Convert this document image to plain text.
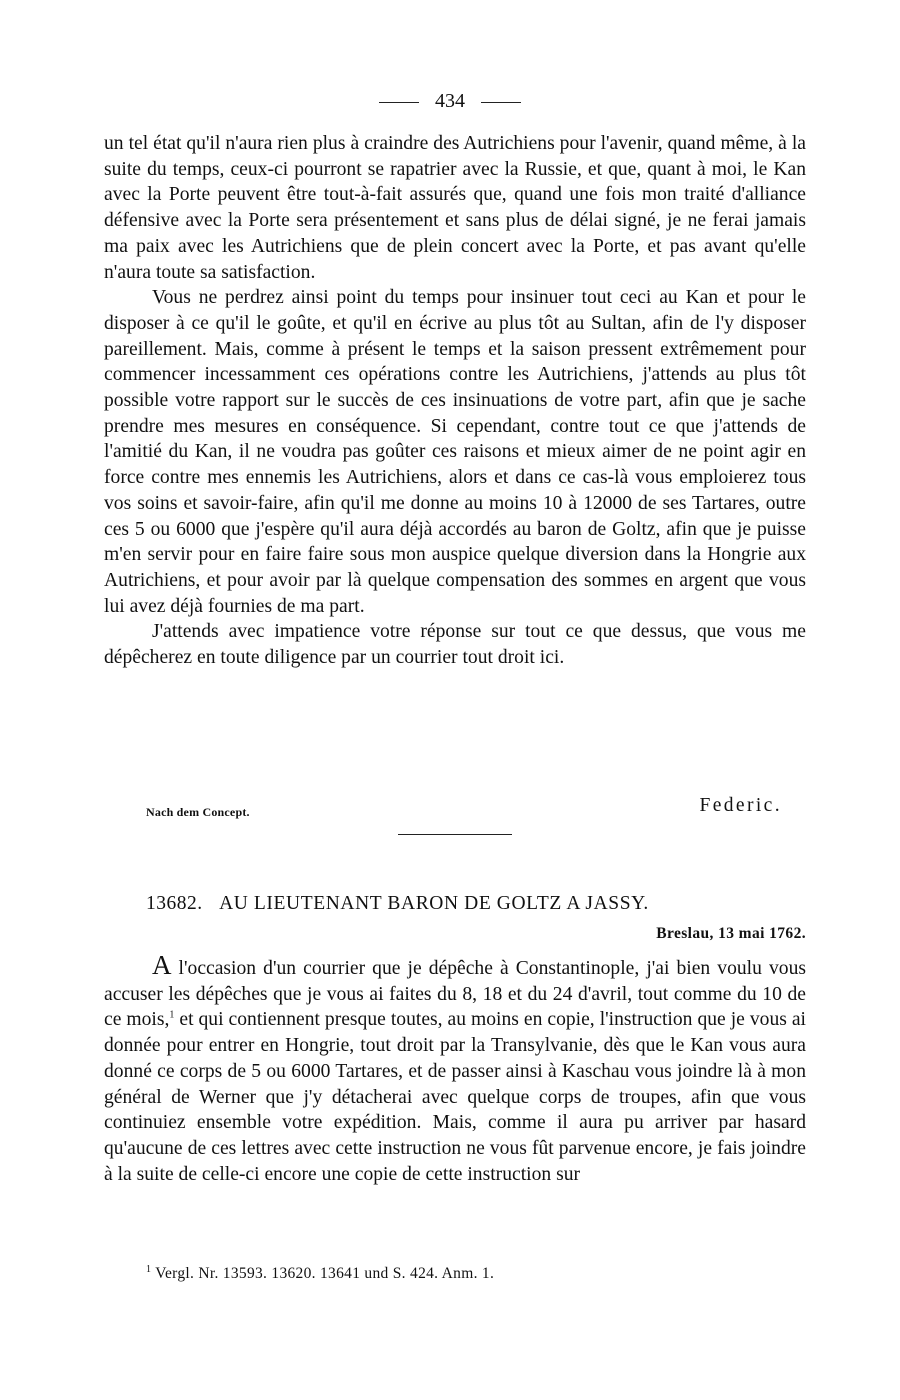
434

un tel état qu'il n'aura rien plus à craindre des Autrichiens pour l'avenir, quand même, à la suite du temps, ceux-ci pourront se rapatrier avec la Russie, et que, quant à moi, le Kan avec la Porte peuvent être tout-à-fait assurés que, quand une fois mon traité d'alliance défensive avec la Porte sera présentement et sans plus de délai signé, je ne ferai jamais ma paix avec les Autrichiens que de plein concert avec la Porte, et pas avant qu'elle n'aura toute sa satisfaction.

Vous ne perdrez ainsi point du temps pour insinuer tout ceci au Kan et pour le disposer à ce qu'il le goûte, et qu'il en écrive au plus tôt au Sultan, afin de l'y disposer pareillement. Mais, comme à présent le temps et la saison pressent extrêmement pour commencer incessamment ces opérations contre les Autrichiens, j'attends au plus tôt possible votre rapport sur le succès de ces insinuations de votre part, afin que je sache prendre mes mesures en conséquence. Si cependant, contre tout ce que j'attends de l'amitié du Kan, il ne voudra pas goûter ces raisons et mieux aimer de ne point agir en force contre mes ennemis les Autrichiens, alors et dans ce cas-là vous emploierez tous vos soins et savoir-faire, afin qu'il me donne au moins 10 à 12000 de ses Tartares, outre ces 5 ou 6000 que j'espère qu'il aura déjà accordés au baron de Goltz, afin que je puisse m'en servir pour en faire faire sous mon auspice quelque diversion dans la Hongrie aux Autrichiens, et pour avoir par là quelque compensation des sommes en argent que vous lui avez déjà fournies de ma part.

J'attends avec impatience votre réponse sur tout ce que dessus, que vous me dépêcherez en toute diligence par un courrier tout droit ici.

Nach dem Concept.	Federic.
13682. AU LIEUTENANT BARON DE GOLTZ A JASSY.
Breslau, 13 mai 1762.

A l'occasion d'un courrier que je dépêche à Constantinople, j'ai bien voulu vous accuser les dépêches que je vous ai faites du 8, 18 et du 24 d'avril, tout comme du 10 de ce mois,$^1$ et qui contiennent presque toutes, au moins en copie, l'instruction que je vous ai donnée pour entrer en Hongrie, tout droit par la Transylvanie, dès que le Kan vous aura donné ce corps de 5 ou 6000 Tartares, et de passer ainsi à Kaschau vous joindre là à mon général de Werner que j'y détacherai avec quelque corps de troupes, afin que vous continuiez ensemble votre expédition. Mais, comme il aura pu arriver par hasard qu'aucune de ces lettres avec cette instruction ne vous fût parvenue encore, je fais joindre à la suite de celle-ci encore une copie de cette instruction sur

$^1$ Vergl. Nr. 13593. 13620. 13641 und S. 424. Anm. 1.
